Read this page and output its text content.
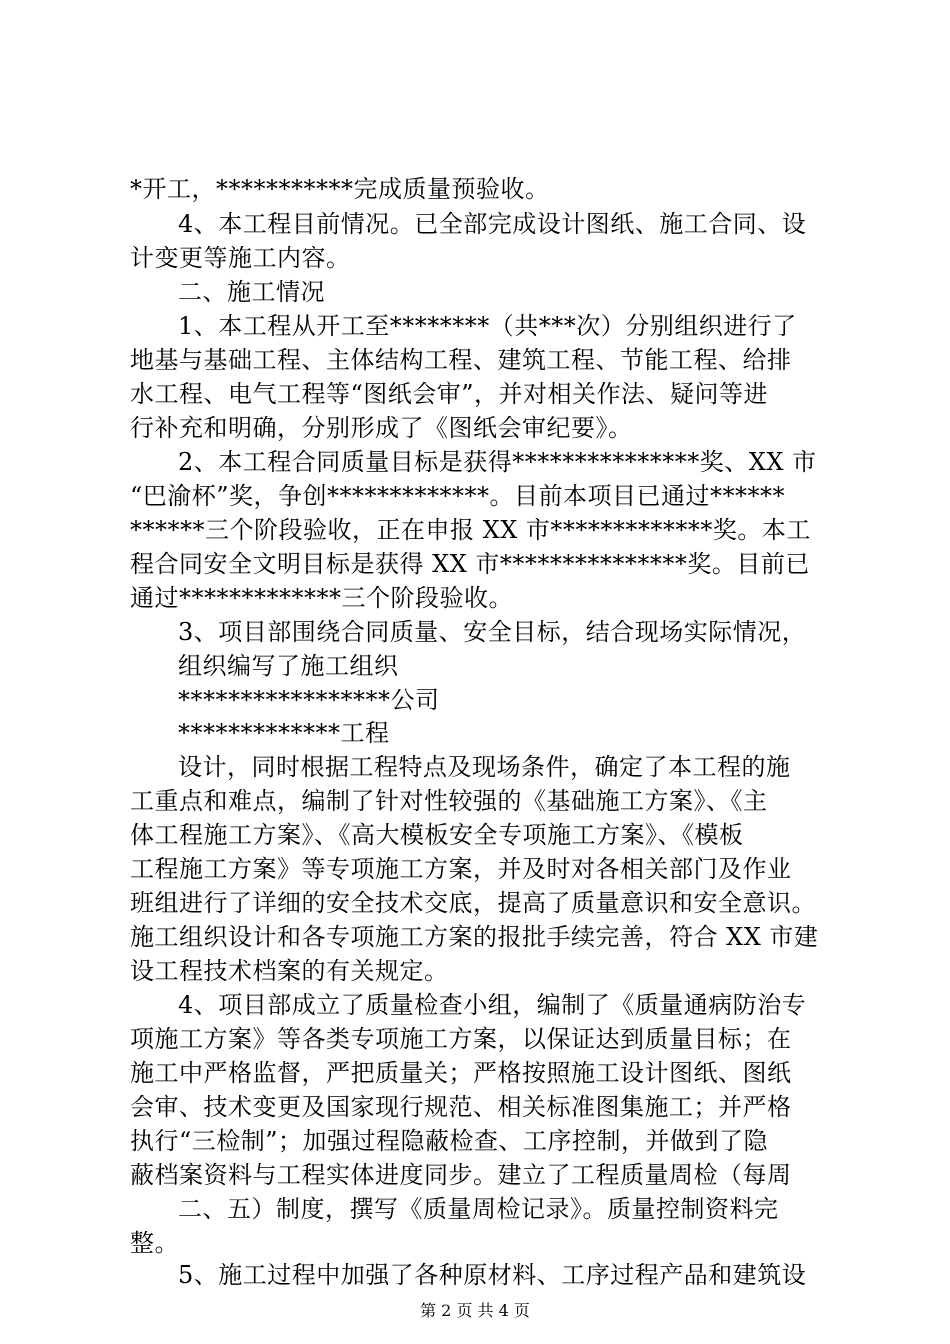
*开工，***********完成质量预验收。
4、本工程目前情况。已全部完成设计图纸、施工合同、设
计变更等施工内容。
二、施工情况
1、本工程从开工至********（共***次）分别组织进行了
地基与基础工程、主体结构工程、建筑工程、节能工程、给排
水工程、电气工程等“图纸会审”，并对相关作法、疑问等进
行补充和明确，分别形成了《图纸会审纪要》。
2、本工程合同质量目标是获得***************奖、XX 市
“巴渝杯”奖，争创*************。目前本项目已通过******
******三个阶段验收，正在申报 XX 市*************奖。本工
程合同安全文明目标是获得 XX 市***************奖。目前已
通过*************三个阶段验收。
3、项目部围绕合同质量、安全目标，结合现场实际情况，
组织编写了施工组织
*****************公司
*************工程
设计，同时根据工程特点及现场条件，确定了本工程的施
工重点和难点，编制了针对性较强的《基础施工方案》、《主
体工程施工方案》、《高大模板安全专项施工方案》、《模板
工程施工方案》等专项施工方案，并及时对各相关部门及作业
班组进行了详细的安全技术交底，提高了质量意识和安全意识。
施工组织设计和各专项施工方案的报批手续完善，符合 XX 市建
设工程技术档案的有关规定。
4、项目部成立了质量检查小组，编制了《质量通病防治专
项施工方案》等各类专项施工方案，以保证达到质量目标；在
施工中严格监督，严把质量关；严格按照施工设计图纸、图纸
会审、技术变更及国家现行规范、相关标准图集施工；并严格
执行“三检制”；加强过程隐蔽检查、工序控制，并做到了隐
蔽档案资料与工程实体进度同步。建立了工程质量周检（每周
二、五）制度，撰写《质量周检记录》。质量控制资料完
整。
5、施工过程中加强了各种原材料、工序过程产品和建筑设
第 2 页 共 4 页
